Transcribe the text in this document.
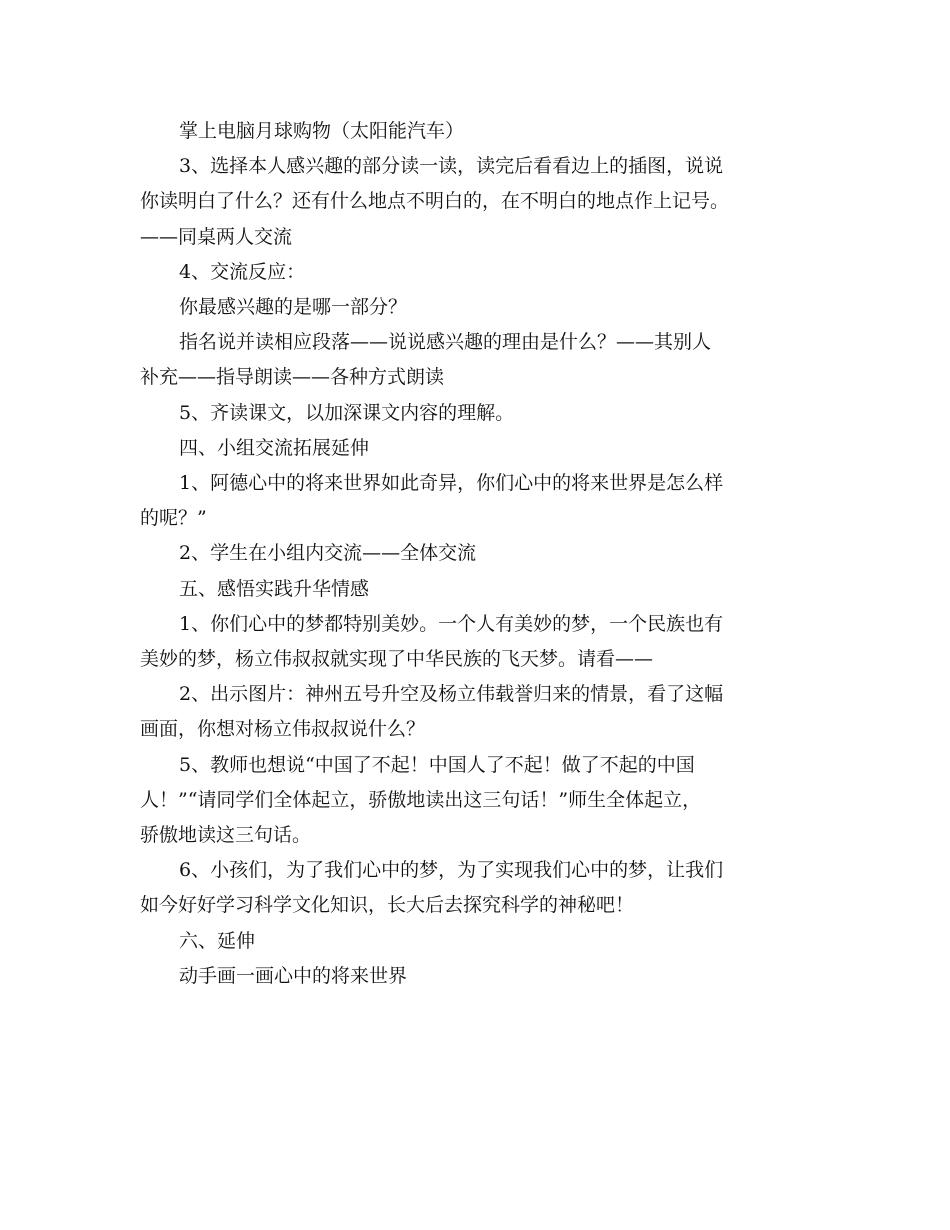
掌上电脑月球购物（太阳能汽车）
3、选择本人感兴趣的部分读一读，读完后看看边上的插图，说说
你读明白了什么？还有什么地点不明白的，在不明白的地点作上记号。
——同桌两人交流
4、交流反应：
你最感兴趣的是哪一部分？
指名说并读相应段落——说说感兴趣的理由是什么？——其别人
补充——指导朗读——各种方式朗读
5、齐读课文，以加深课文内容的理解。
四、小组交流拓展延伸
1、阿德心中的将来世界如此奇异，你们心中的将来世界是怎么样
的呢？”
2、学生在小组内交流——全体交流
五、感悟实践升华情感
1、你们心中的梦都特别美妙。一个人有美妙的梦，一个民族也有
美妙的梦，杨立伟叔叔就实现了中华民族的飞天梦。请看——
2、出示图片：神州五号升空及杨立伟载誉归来的情景，看了这幅
画面，你想对杨立伟叔叔说什么？
5、教师也想说“中国了不起！中国人了不起！做了不起的中国
人！”“请同学们全体起立，骄傲地读出这三句话！”师生全体起立，
骄傲地读这三句话。
6、小孩们，为了我们心中的梦，为了实现我们心中的梦，让我们
如今好好学习科学文化知识，长大后去探究科学的神秘吧！
六、延伸
动手画一画心中的将来世界
